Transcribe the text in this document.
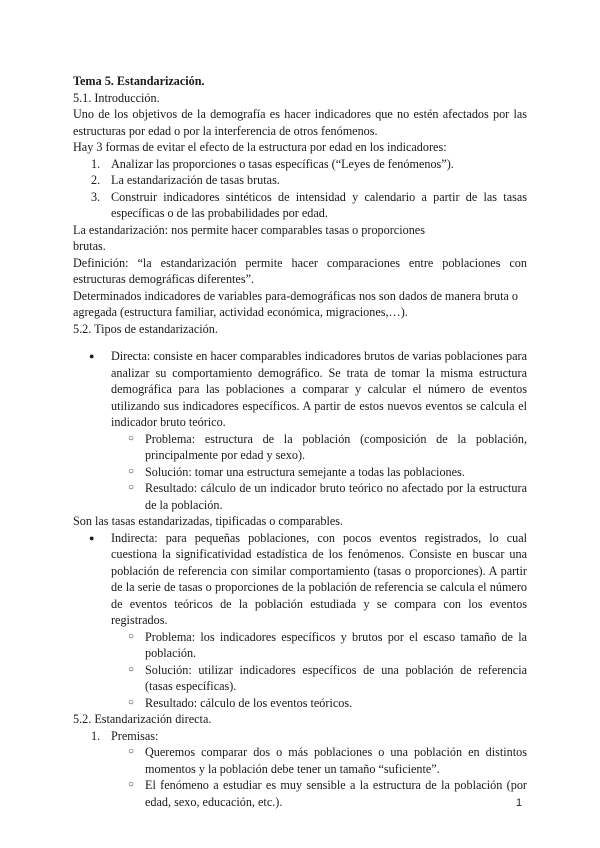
Tema 5. Estandarización.

5.1. Introducción.

Uno de los objetivos de la demografía es hacer indicadores que no estén afectados por las estructuras por edad o por la interferencia de otros fenómenos.

Hay 3 formas de evitar el efecto de la estructura por edad en los indicadores:

1. Analizar las proporciones o tasas específicas (“Leyes de fenómenos”).
2. La estandarización de tasas brutas.
3. Construir indicadores sintéticos de intensidad y calendario a partir de las tasas específicas o de las probabilidades por edad.

La estandarización: nos permite hacer comparables tasas o proporciones

brutas.

Definición: “la estandarización permite hacer comparaciones entre poblaciones con estructuras demográficas diferentes”.

Determinados indicadores de variables para-demográficas nos son dados de manera bruta o agregada (estructura familiar, actividad económica, migraciones,…).

5.2. Tipos de estandarización.

● Directa: consiste en hacer comparables indicadores brutos de varias poblaciones para analizar su comportamiento demográfico. Se trata de tomar la misma estructura demográfica para las poblaciones a comparar y calcular el número de eventos utilizando sus indicadores específicos. A partir de estos nuevos eventos se calcula el indicador bruto teórico.
○ Problema: estructura de la población (composición de la población, principalmente por edad y sexo).
○ Solución: tomar una estructura semejante a todas las poblaciones.
○ Resultado: cálculo de un indicador bruto teórico no afectado por la estructura de la población.

Son las tasas estandarizadas, tipificadas o comparables.

● Indirecta: para pequeñas poblaciones, con pocos eventos registrados, lo cual cuestiona la significatividad estadística de los fenómenos. Consiste en buscar una población de referencia con similar comportamiento (tasas o proporciones). A partir de la serie de tasas o proporciones de la población de referencia se calcula el número de eventos teóricos de la población estudiada y se compara con los eventos registrados.
○ Problema: los indicadores específicos y brutos por el escaso tamaño de la población.
○ Solución: utilizar indicadores específicos de una población de referencia (tasas específicas).
○ Resultado: cálculo de los eventos teóricos.

5.2. Estandarización directa.

1. Premisas:
○ Queremos comparar dos o más poblaciones o una población en distintos momentos y la población debe tener un tamaño “suficiente”.
○ El fenómeno a estudiar es muy sensible a la estructura de la población (por edad, sexo, educación, etc.).	1
